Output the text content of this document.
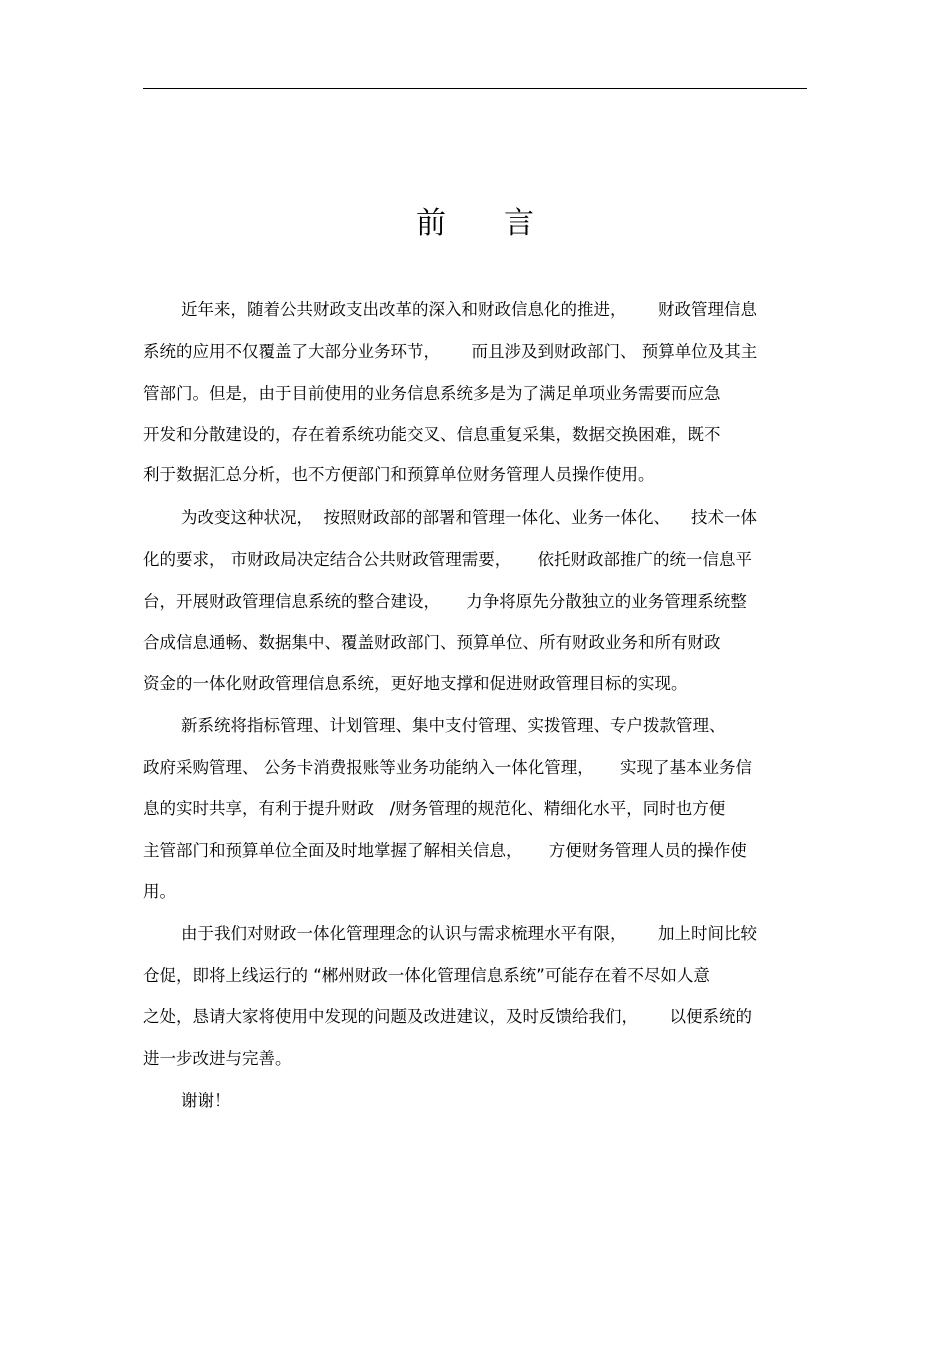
前 言
近年来，随着公共财政支出改革的深入和财政信息化的推进，      财政管理信息
系统的应用不仅覆盖了大部分业务环节，      而且涉及到财政部门、 预算单位及其主
管部门。但是，由于目前使用的业务信息系统多是为了满足单项业务需要而应急
开发和分散建设的，存在着系统功能交叉、信息重复采集，数据交换困难，既不
利于数据汇总分析，也不方便部门和预算单位财务管理人员操作使用。
为改变这种状况，  按照财政部的部署和管理一体化、业务一体化、    技术一体
化的要求， 市财政局决定结合公共财政管理需要，     依托财政部推广的统一信息平
台，开展财政管理信息系统的整合建设，     力争将原先分散独立的业务管理系统整
合成信息通畅、数据集中、覆盖财政部门、预算单位、所有财政业务和所有财政
资金的一体化财政管理信息系统，更好地支撑和促进财政管理目标的实现。
新系统将指标管理、计划管理、集中支付管理、实拨管理、专户拨款管理、
政府采购管理、 公务卡消费报账等业务功能纳入一体化管理，     实现了基本业务信
息的实时共享，有利于提升财政   /财务管理的规范化、精细化水平，同时也方便
主管部门和预算单位全面及时地掌握了解相关信息，     方便财务管理人员的操作使
用。
由于我们对财政一体化管理理念的认识与需求梳理水平有限，      加上时间比较
仓促，即将上线运行的 “郴州财政一体化管理信息系统”可能存在着不尽如人意
之处，恳请大家将使用中发现的问题及改进建议，及时反馈给我们，      以便系统的
进一步改进与完善。
谢谢！
